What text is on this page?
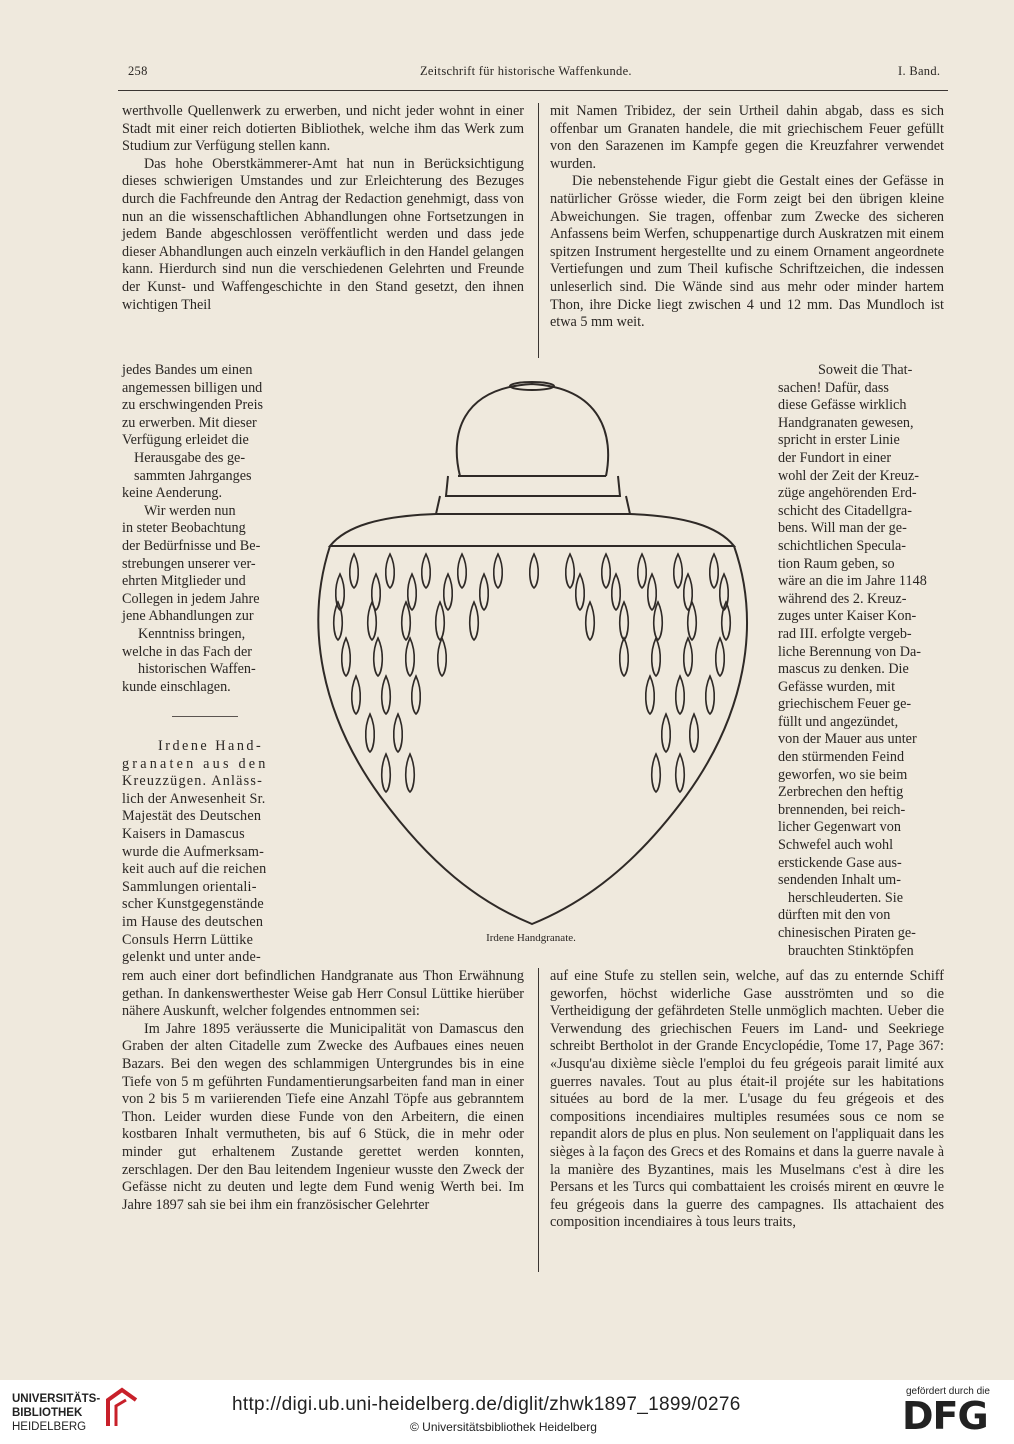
258	Zeitschrift für historische Waffenkunde.	I. Band.

werthvolle Quellenwerk zu erwerben, und nicht jeder wohnt in einer Stadt mit einer reich dotierten Bibliothek, welche ihm das Werk zum Studium zur Verfügung stellen kann.

Das hohe Oberstkämmerer-Amt hat nun in Berücksichtigung dieses schwierigen Umstandes und zur Erleichterung des Bezuges durch die Fachfreunde den Antrag der Redaction genehmigt, dass von nun an die wissenschaftlichen Abhandlungen ohne Fortsetzungen in jedem Bande abgeschlossen veröffentlicht werden und dass jede dieser Abhandlungen auch einzeln verkäuflich in den Handel gelangen kann. Hierdurch sind nun die verschiedenen Gelehrten und Freunde der Kunst- und Waffengeschichte in den Stand gesetzt, den ihnen wichtigen Theil

mit Namen Tribidez, der sein Urtheil dahin abgab, dass es sich offenbar um Granaten handele, die mit griechischem Feuer gefüllt von den Sarazenen im Kampfe gegen die Kreuzfahrer verwendet wurden.

Die nebenstehende Figur giebt die Gestalt eines der Gefässe in natürlicher Grösse wieder, die Form zeigt bei den übrigen kleine Abweichungen. Sie tragen, offenbar zum Zwecke des sicheren Anfassens beim Werfen, schuppenartige durch Auskratzen mit einem spitzen Instrument hergestellte und zu einem Ornament angeordnete Vertiefungen und zum Theil kufische Schriftzeichen, die indessen unleserlich sind. Die Wände sind aus mehr oder minder hartem Thon, ihre Dicke liegt zwischen 4 und 12 mm. Das Mundloch ist etwa 5 mm weit.

jedes Bandes um einen

angemessen billigen und

zu erschwingenden Preis

zu erwerben. Mit dieser

Verfügung erleidet die

Herausgabe des ge-

sammten Jahrganges

keine Aenderung.

Wir werden nun

in steter Beobachtung

der Bedürfnisse und Be-

strebungen unserer ver-

ehrten Mitglieder und

Collegen in jedem Jahre

jene Abhandlungen zur

Kenntniss bringen,

welche in das Fach der

historischen Waffen-

kunde einschlagen.

Irdene Hand-

granaten aus den

Kreuzzügen. Anläss-

lich der Anwesenheit Sr.

Majestät des Deutschen

Kaisers in Damascus

wurde die Aufmerksam-

keit auch auf die reichen

Sammlungen orientali-

scher Kunstgegenstände

im Hause des deutschen

Consuls Herrn Lüttike

gelenkt und unter ande-

Soweit die That-

sachen! Dafür, dass

diese Gefässe wirklich

Handgranaten gewesen,

spricht in erster Linie

der Fundort in einer

wohl der Zeit der Kreuz-

züge angehörenden Erd-

schicht des Citadellgra-

bens. Will man der ge-

schichtlichen Specula-

tion Raum geben, so

wäre an die im Jahre 1148

während des 2. Kreuz-

zuges unter Kaiser Kon-

rad III. erfolgte vergeb-

liche Berennung von Da-

mascus zu denken. Die

Gefässe wurden, mit

griechischem Feuer ge-

füllt und angezündet,

von der Mauer aus unter

den stürmenden Feind

geworfen, wo sie beim

Zerbrechen den heftig

brennenden, bei reich-

licher Gegenwart von

Schwefel auch wohl

erstickende Gase aus-

sendenden Inhalt um-

herschleuderten. Sie

dürften mit den von

chinesischen Piraten ge-

brauchten Stinktöpfen

Irdene Handgranate.

rem auch einer dort befindlichen Handgranate aus Thon Erwähnung gethan. In dankenswerthester Weise gab Herr Consul Lüttike hierüber nähere Auskunft, welcher folgendes entnommen sei:

Im Jahre 1895 veräusserte die Municipalität von Damascus den Graben der alten Citadelle zum Zwecke des Aufbaues eines neuen Bazars. Bei den wegen des schlammigen Untergrundes bis in eine Tiefe von 5 m geführten Fundamentierungsarbeiten fand man in einer von 2 bis 5 m variierenden Tiefe eine Anzahl Töpfe aus gebranntem Thon. Leider wurden diese Funde von den Arbeitern, die einen kostbaren Inhalt vermutheten, bis auf 6 Stück, die in mehr oder minder gut erhaltenem Zustande gerettet werden konnten, zerschlagen. Der den Bau leitendem Ingenieur wusste den Zweck der Gefässe nicht zu deuten und legte dem Fund wenig Werth bei. Im Jahre 1897 sah sie bei ihm ein französischer Gelehrter

auf eine Stufe zu stellen sein, welche, auf das zu enternde Schiff geworfen, höchst widerliche Gase ausströmten und so die Vertheidigung der gefährdeten Stelle unmöglich machten. Ueber die Verwendung des griechischen Feuers im Land- und Seekriege schreibt Bertholot in der Grande Encyclopédie, Tome 17, Page 367: «Jusqu'au dixième siècle l'emploi du feu grégeois parait limité aux guerres navales. Tout au plus était-il projéte sur les habitations situées au bord de la mer. L'usage du feu grégeois et des compositions incendiaires multiples resumées sous ce nom se repandit alors de plus en plus. Non seulement on l'appliquait dans les sièges à la façon des Grecs et des Romains et dans la guerre navale à la manière des Byzantines, mais les Muselmans c'est à dire les Persans et les Turcs qui combattaient les croisés mirent en œuvre le feu grégeois dans la guerre des campagnes. Ils attachaient des composition incendiaires à tous leurs traits,

UNIVERSITÄTS-
BIBLIOTHEK
HEIDELBERG
http://digi.ub.uni-heidelberg.de/diglit/zhwk1897_1899/0276
© Universitätsbibliothek Heidelberg
gefördert durch die
DFG
